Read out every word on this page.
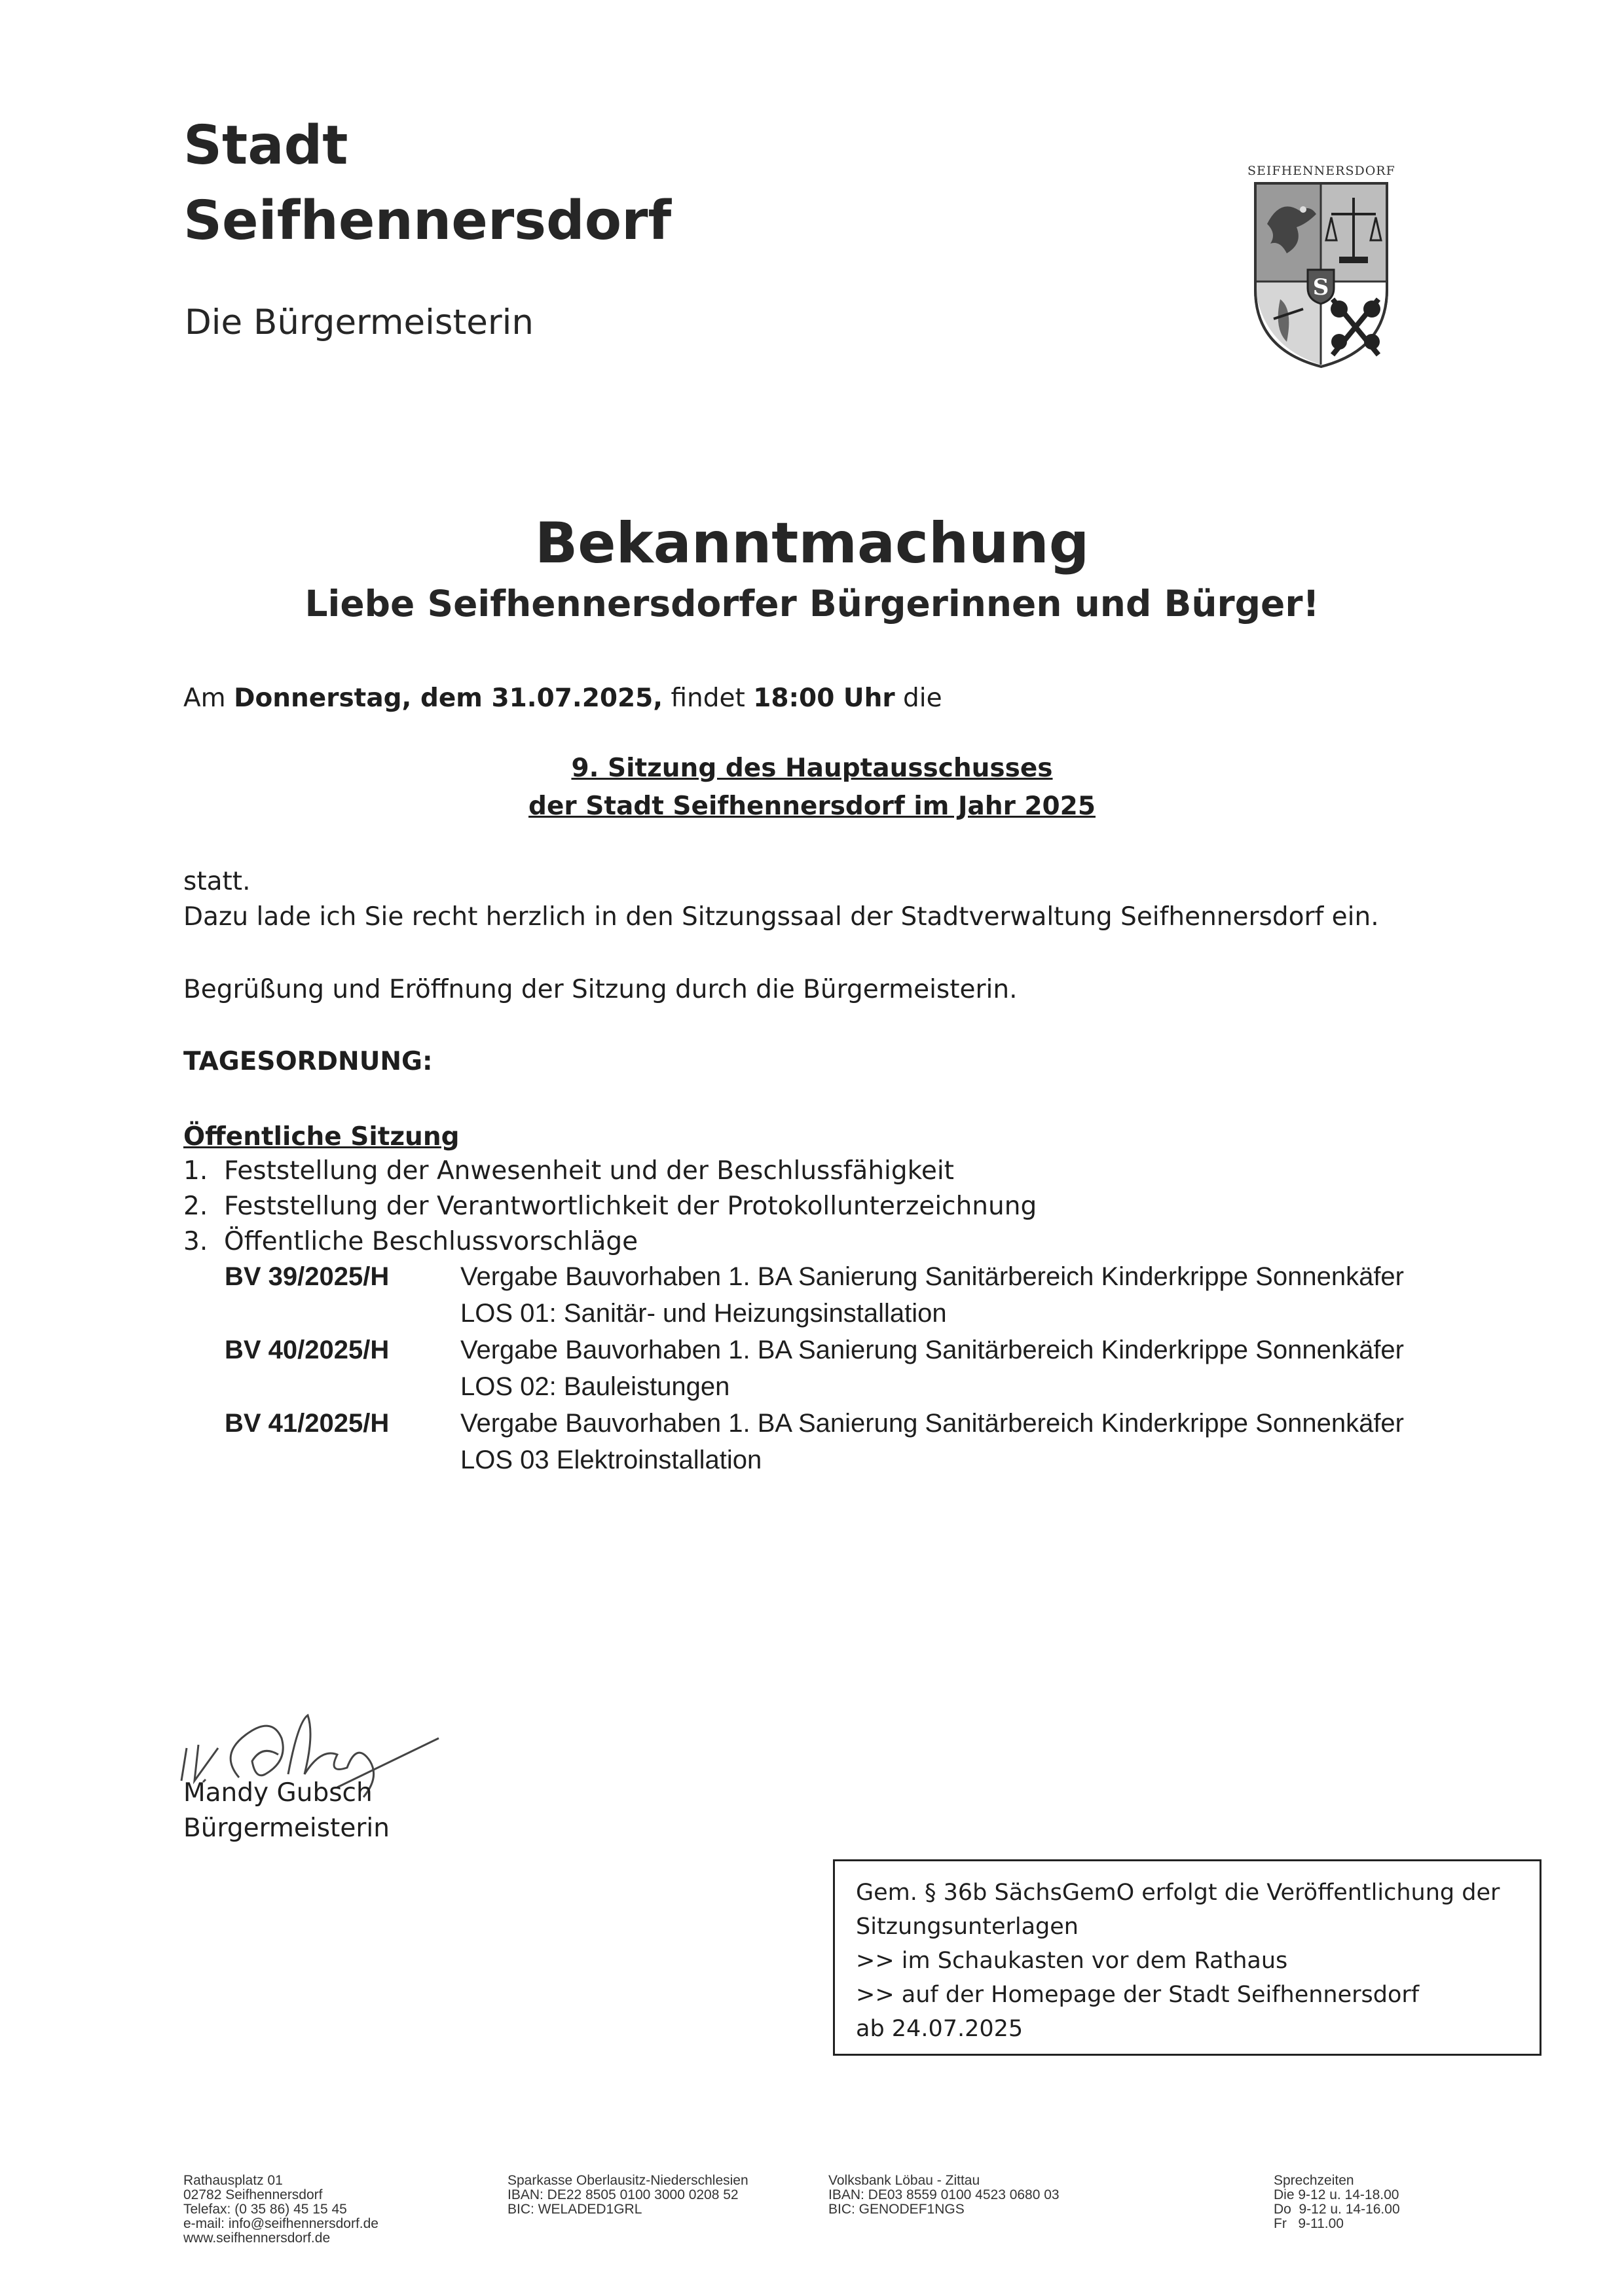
Stadt
Seifhennersdorf
Die Bürgermeisterin
SEIFHENNERSDORF
S
Bekanntmachung
Liebe Seifhennersdorfer Bürgerinnen und Bürger!
Am Donnerstag, dem 31.07.2025, findet 18:00 Uhr die
9. Sitzung des Hauptausschusses
der Stadt Seifhennersdorf im Jahr 2025
statt.
Dazu lade ich Sie recht herzlich in den Sitzungssaal der Stadtverwaltung Seifhennersdorf ein.
Begrüßung und Eröffnung der Sitzung durch die Bürgermeisterin.
TAGESORDNUNG:
Öffentliche Sitzung
1. Feststellung der Anwesenheit und der Beschlussfähigkeit
2. Feststellung der Verantwortlichkeit der Protokollunterzeichnung
3. Öffentliche Beschlussvorschläge
BV 39/2025/H	Vergabe Bauvorhaben 1. BA Sanierung Sanitärbereich Kinderkrippe Sonnenkäfer
LOS 01: Sanitär- und Heizungsinstallation
BV 40/2025/H	Vergabe Bauvorhaben 1. BA Sanierung Sanitärbereich Kinderkrippe Sonnenkäfer
LOS 02: Bauleistungen
BV 41/2025/H	Vergabe Bauvorhaben 1. BA Sanierung Sanitärbereich Kinderkrippe Sonnenkäfer
LOS 03 Elektroinstallation
Mandy Gubsch
Bürgermeisterin
Gem. § 36b SächsGemO erfolgt die Veröffentlichung der
Sitzungsunterlagen
>> im Schaukasten vor dem Rathaus
>> auf der Homepage der Stadt Seifhennersdorf
ab 24.07.2025
Rathausplatz 01
02782 Seifhennersdorf
Telefax: (0 35 86) 45 15 45
e-mail: info@seifhennersdorf.de
www.seifhennersdorf.de
Sparkasse Oberlausitz-Niederschlesien
IBAN: DE22 8505 0100 3000 0208 52
BIC: WELADED1GRL
Volksbank Löbau - Zittau
IBAN: DE03 8559 0100 4523 0680 03
BIC: GENODEF1NGS
Sprechzeiten
Die 9-12 u. 14-18.00
Do  9-12 u. 14-16.00
Fr   9-11.00
